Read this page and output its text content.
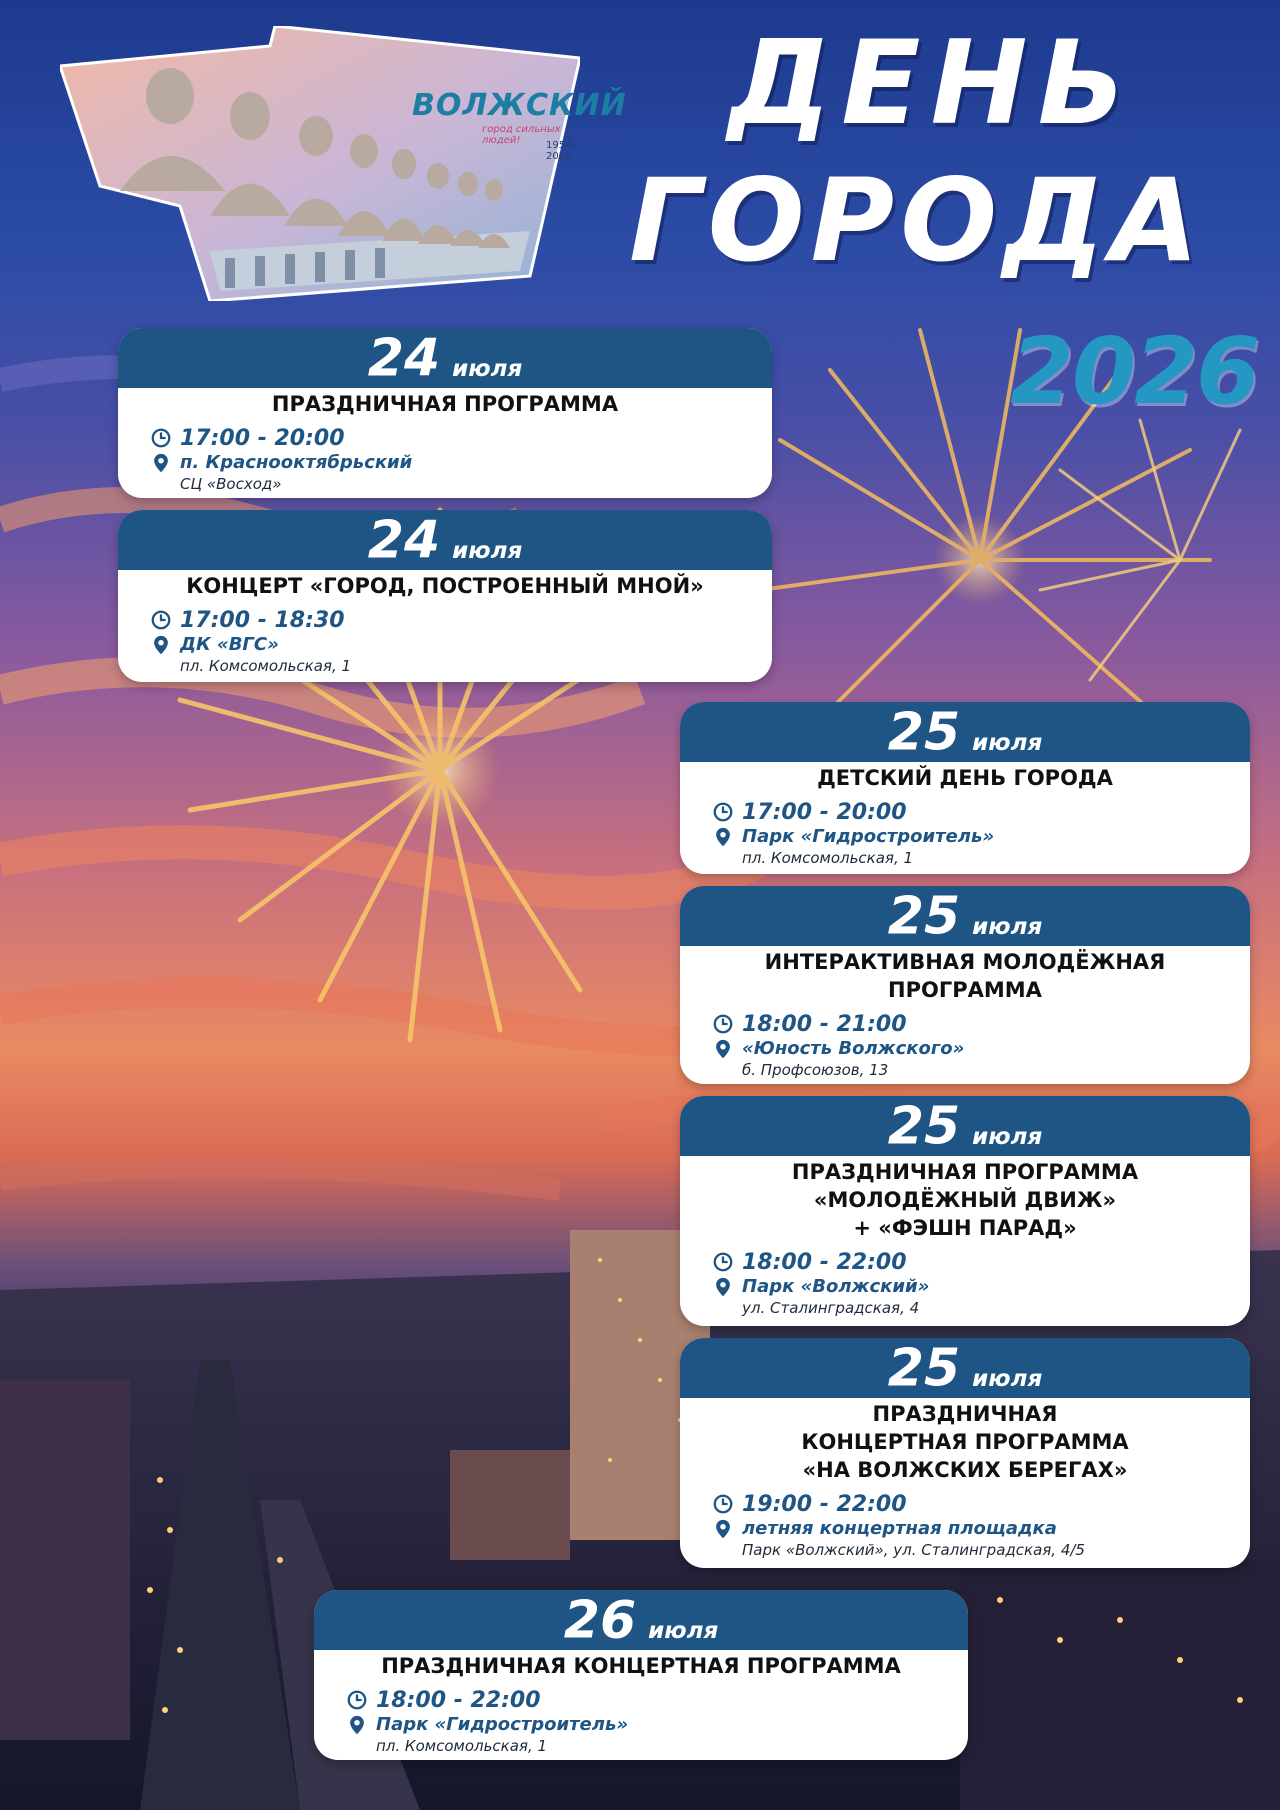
ВОЛЖСКИЙ
город сильных людей!	1954-2026
ДЕНЬ
ГОРОДА
2026
24 июля
ПРАЗДНИЧНАЯ ПРОГРАММА
17:00 - 20:00
п. Краснооктябрьский
СЦ «Восход»
24 июля
КОНЦЕРТ «ГОРОД, ПОСТРОЕННЫЙ МНОЙ»
17:00 - 18:30
ДК «ВГС»
пл. Комсомольская, 1
25 июля
ДЕТСКИЙ ДЕНЬ ГОРОДА
17:00 - 20:00
Парк «Гидростроитель»
пл. Комсомольская, 1
25 июля
ИНТЕРАКТИВНАЯ МОЛОДЁЖНАЯ
ПРОГРАММА
18:00 - 21:00
«Юность Волжского»
б. Профсоюзов, 13
25 июля
ПРАЗДНИЧНАЯ ПРОГРАММА
«МОЛОДЁЖНЫЙ ДВИЖ»
+ «ФЭШН ПАРАД»
18:00 - 22:00
Парк «Волжский»
ул. Сталинградская, 4
25 июля
ПРАЗДНИЧНАЯ
КОНЦЕРТНАЯ ПРОГРАММА
«НА ВОЛЖСКИХ БЕРЕГАХ»
19:00 - 22:00
летняя концертная площадка
Парк «Волжский», ул. Сталинградская, 4/5
26 июля
ПРАЗДНИЧНАЯ КОНЦЕРТНАЯ ПРОГРАММА
18:00 - 22:00
Парк «Гидростроитель»
пл. Комсомольская, 1
